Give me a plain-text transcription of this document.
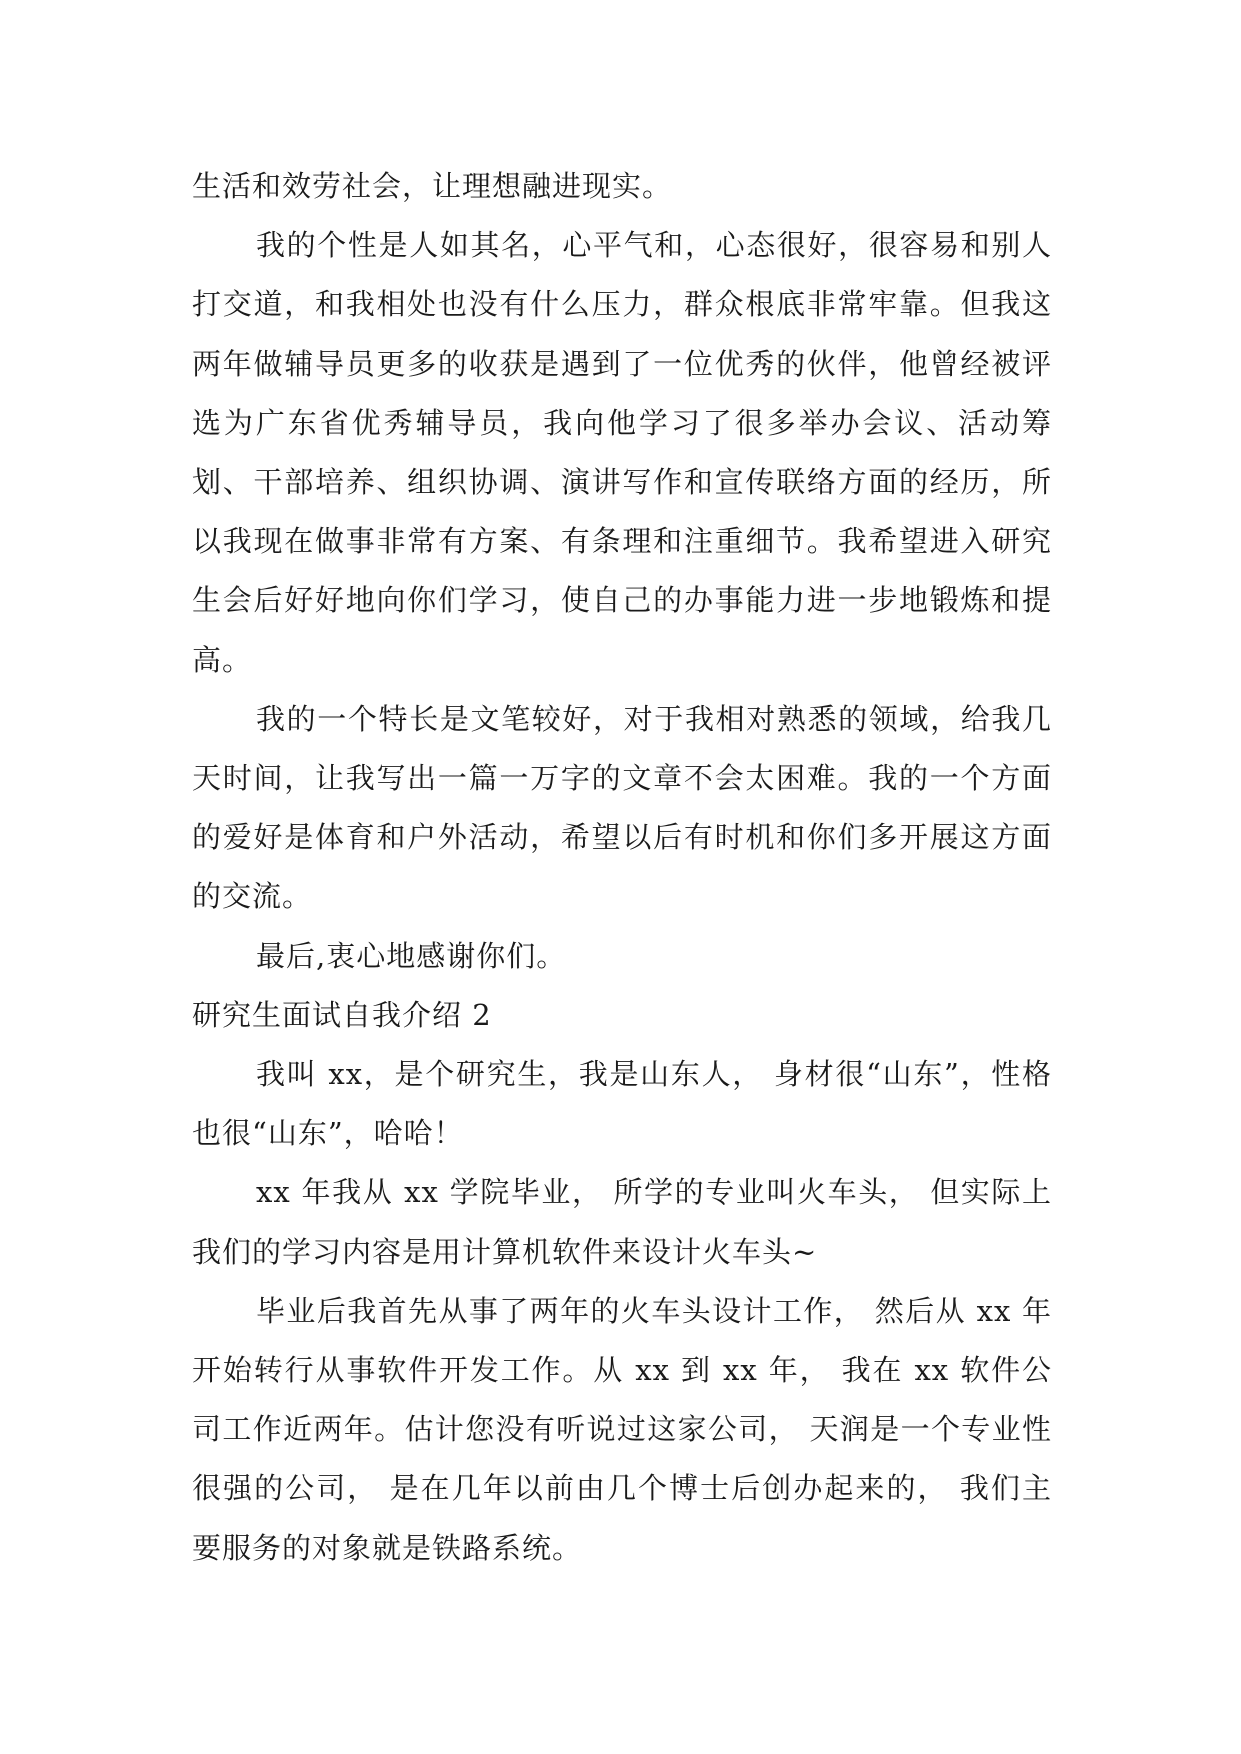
生活和效劳社会，让理想融进现实。

我的个性是人如其名，心平气和，心态很好，很容易和别人打交道，和我相处也没有什么压力，群众根底非常牢靠。但我这两年做辅导员更多的收获是遇到了一位优秀的伙伴，他曾经被评选为广东省优秀辅导员，我向他学习了很多举办会议、活动筹划、干部培养、组织协调、演讲写作和宣传联络方面的经历，所以我现在做事非常有方案、有条理和注重细节。我希望进入研究生会后好好地向你们学习，使自己的办事能力进一步地锻炼和提高。

我的一个特长是文笔较好，对于我相对熟悉的领域，给我几天时间，让我写出一篇一万字的文章不会太困难。我的一个方面的爱好是体育和户外活动，希望以后有时机和你们多开展这方面的交流。

最后,衷心地感谢你们。

研究生面试自我介绍 2

我叫 xx，是个研究生，我是山东人， 身材很“山东”，性格也很“山东”，哈哈！

xx 年我从 xx 学院毕业， 所学的专业叫火车头， 但实际上我们的学习内容是用计算机软件来设计火车头~

毕业后我首先从事了两年的火车头设计工作， 然后从 xx 年开始转行从事软件开发工作。从 xx 到 xx 年， 我在 xx 软件公司工作近两年。估计您没有听说过这家公司， 天润是一个专业性很强的公司， 是在几年以前由几个博士后创办起来的， 我们主要服务的对象就是铁路系统。
